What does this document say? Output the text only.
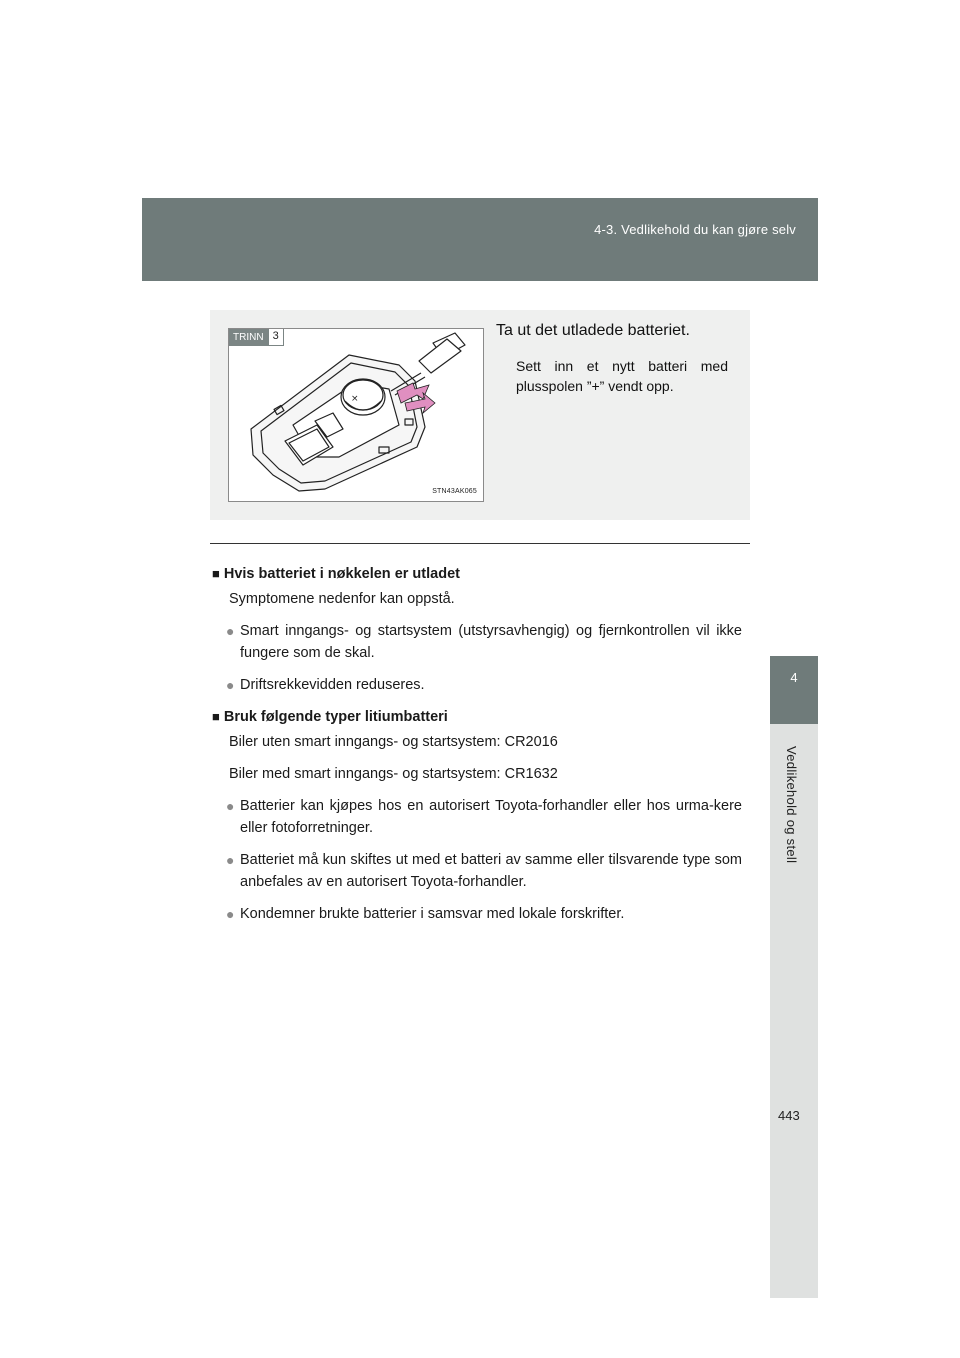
4-3. Vedlikehold du kan gjøre selv
4
Vedlikehold og stell
×
TRINN 3
STN43AK065
Ta ut det utladede batteriet.
Sett inn et nytt batteri med plusspolen ”+” vendt opp.
■ Hvis batteriet i nøkkelen er utladet
Symptomene nedenfor kan oppstå.
● Smart inngangs- og startsystem (utstyrsavhengig) og fjernkontrollen vil ikke fungere som de skal.
● Driftsrekkevidden reduseres.
■ Bruk følgende typer litiumbatteri
Biler uten smart inngangs- og startsystem: CR2016
Biler med smart inngangs- og startsystem: CR1632
● Batterier kan kjøpes hos en autorisert Toyota-forhandler eller hos urma-kere eller fotoforretninger.
● Batteriet må kun skiftes ut med et batteri av samme eller tilsvarende type som anbefales av en autorisert Toyota-forhandler.
● Kondemner brukte batterier i samsvar med lokale forskrifter.
443
